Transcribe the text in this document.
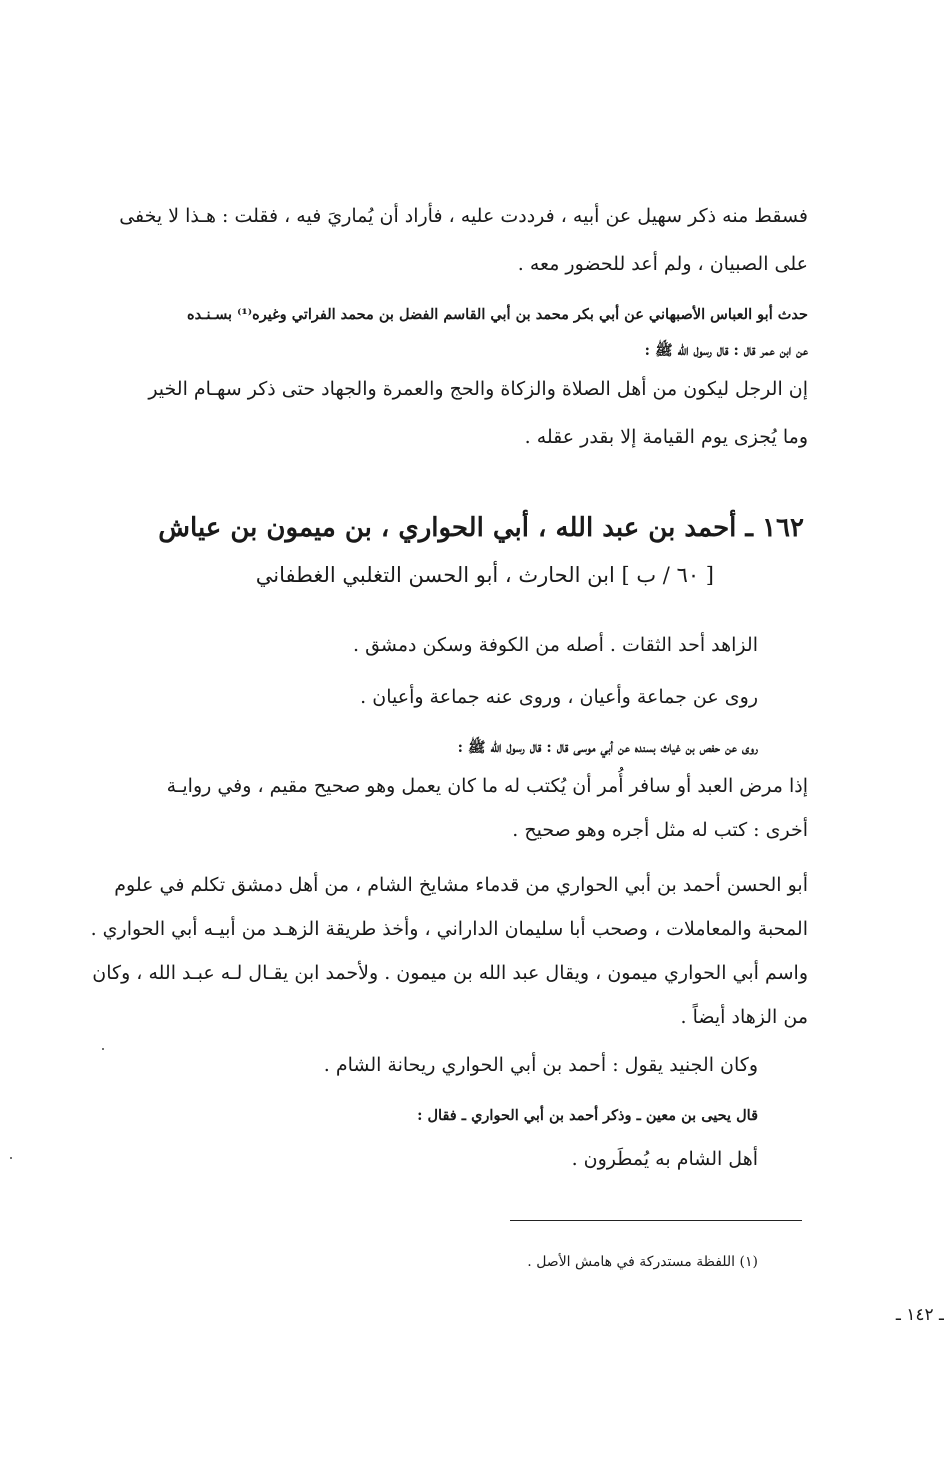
فسقط منه ذكر سهيل عن أبيه ، فرددت عليه ، فأراد أن يُماريَ فيه ، فقلت : هـذا لا يخفى
على الصبيان ، ولم أعد للحضور معه .
حدث أبو العباس الأصبهاني عن أبي بكر محمد بن أبي القاسم الفضل بن محمد الفراتي وغيره⁽¹⁾ بسـنـده
عن ابن عمر قال : قال رسول الله ﷺ :
إن الرجل ليكون من أهل الصلاة والزكاة والحج والعمرة والجهاد حتى ذكر سهـام الخير
وما يُجزى يوم القيامة إلا بقدر عقله .
١٦٢ ـ أحمد بن عبد الله ، أبي الحواري ، بن ميمون بن عياش
[ ٦٠ / ب ] ابن الحارث ، أبو الحسن التغلبي الغطفاني
الزاهد أحد الثقات . أصله من الكوفة وسكن دمشق .
روى عن جماعة وأعيان ، وروى عنه جماعة وأعيان .
روى عن حفص بن غياث بسنده عن أبي موسى قال : قال رسول الله ﷺ :
إذا مرض العبد أو سافر أُمر أن يُكتب له ما كان يعمل وهو صحيح مقيم ، وفي روايـة
أخرى : كتب له مثل أجره وهو صحيح .
أبو الحسن أحمد بن أبي الحواري من قدماء مشايخ الشام ، من أهل دمشق تكلم في علوم
المحبة والمعاملات ، وصحب أبا سليمان الداراني ، وأخذ طريقة الزهـد من أبيـه أبي الحواري .
واسم أبي الحواري ميمون ، ويقال عبد الله بن ميمون . ولأحمد ابن يقـال لـه عبـد الله ، وكان
من الزهاد أيضاً .
وكان الجنيد يقول : أحمد بن أبي الحواري ريحانة الشام .
قال يحيى بن معين ـ وذكر أحمد بن أبي الحواري ـ فقال :
أهل الشام به يُمطَرون .
(١) اللفظة مستدركة في هامش الأصل .
ـ ١٤٢ ـ
